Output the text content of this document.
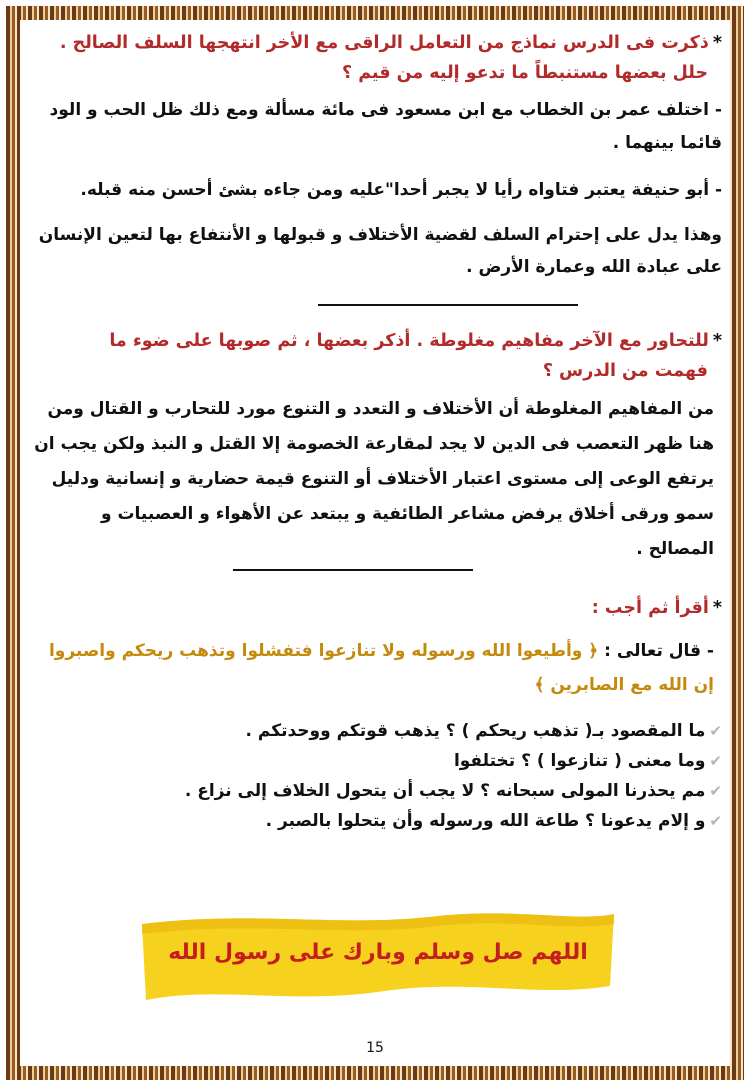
*ذكرت فى الدرس نماذج من التعامل الراقى مع الأخر انتهجها السلف الصالح .

حلل بعضها مستنبطاً ما تدعو إليه من قيم ؟

- اختلف عمر بن الخطاب مع ابن مسعود فى مائة مسألة ومع ذلك ظل الحب و الود قائما بينهما .

- أبو حنيفة يعتبر فتاواه رأيا لا يجبر أحدا"عليه ومن جاءه بشئ أحسن منه قبله.

وهذا يدل على إحترام السلف لقضية الأختلاف و قبولها و الأنتفاع بها لتعين الإنسان على عبادة الله وعمارة الأرض .

*للتحاور مع الآخر مفاهيم مغلوطة . أذكر بعضها ، ثم صوبها على ضوء ما

فهمت من الدرس ؟

من المفاهيم المغلوطة أن الأختلاف و التعدد و التنوع مورد للتحارب و القتال ومن هنا ظهر التعصب فى الدين لا يجد لمقارعة الخصومة إلا القتل و النبذ ولكن يجب ان يرتفع الوعى إلى مستوى اعتبار الأختلاف أو التنوع قيمة حضارية و إنسانية ودليل سمو ورقى أخلاق يرفض مشاعر الطائفية و يبتعد عن الأهواء و العصبيات و المصالح .

*أقرأ ثم أجب :

- قال تعالى : ﴿ وأطيعوا الله ورسوله ولا تنازعوا فتفشلوا وتذهب ريحكم واصبروا إن الله مع الصابرين ﴾

✔ما المقصود بـ( تذهب ريحكم ) ؟ يذهب قوتكم ووحدتكم .

✔وما معنى ( تنازعوا ) ؟ تختلفوا

✔مم يحذرنا المولى سبحانه ؟ لا يجب أن يتحول الخلاف إلى نزاع .

✔و إلام يدعونا ؟ طاعة الله ورسوله وأن يتحلوا بالصبر .

اللهم صل وسلم وبارك على رسول الله
15
